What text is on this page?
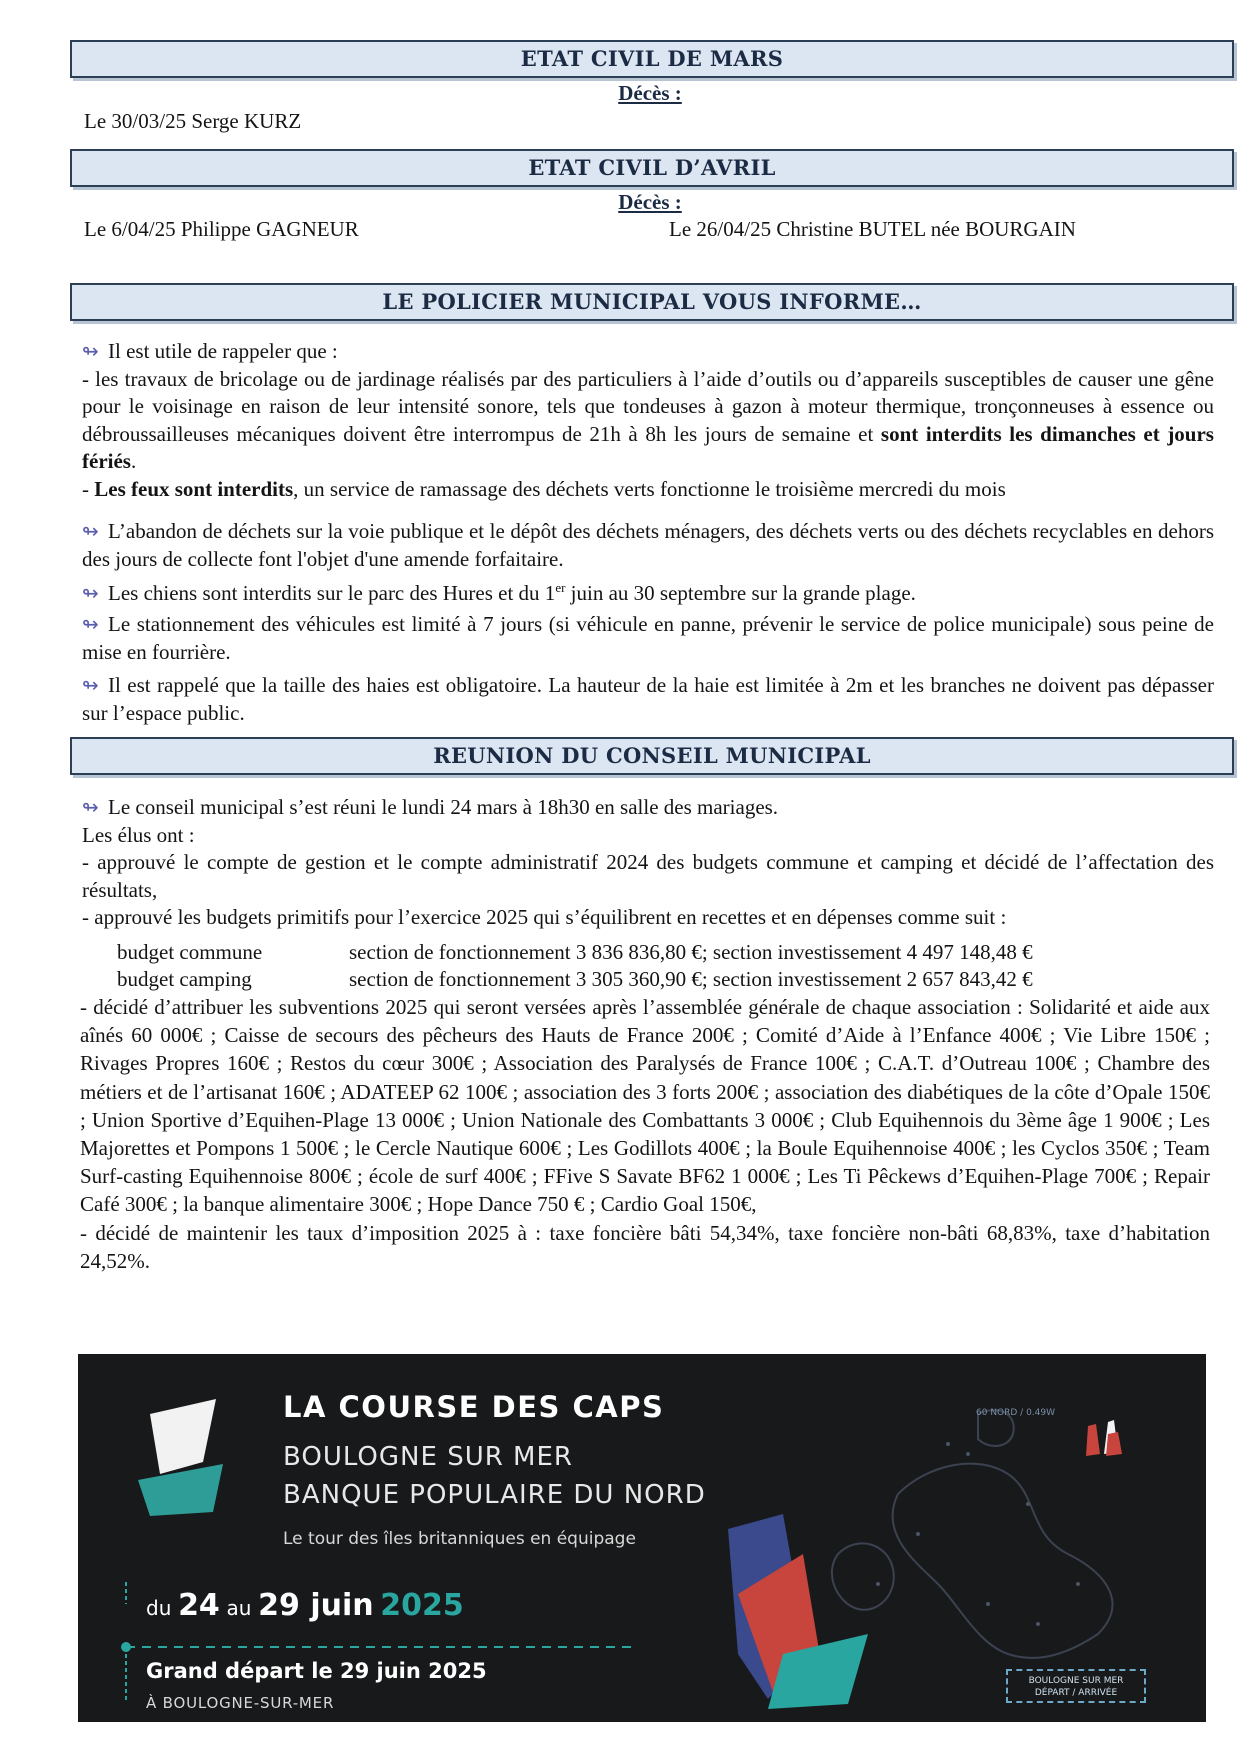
ETAT CIVIL DE MARS
Décès :
Le 30/03/25 Serge KURZ
ETAT CIVIL D’AVRIL
Décès :
Le 6/04/25 Philippe GAGNEUR	Le 26/04/25 Christine BUTEL née BOURGAIN
LE POLICIER MUNICIPAL VOUS INFORME…
↬ Il est utile de rappeler que :
- les travaux de bricolage ou de jardinage réalisés par des particuliers à l’aide d’outils ou d’appareils susceptibles de causer une gêne pour le voisinage en raison de leur intensité sonore, tels que tondeuses à gazon à moteur thermique, tronçonneuses à essence ou débroussailleuses mécaniques doivent être interrompus de 21h à 8h les jours de semaine et sont interdits les dimanches et jours fériés.
- Les feux sont interdits, un service de ramassage des déchets verts fonctionne le troisième mercredi du mois
↬ L’abandon de déchets sur la voie publique et le dépôt des déchets ménagers, des déchets verts ou des déchets recyclables en dehors des jours de collecte font l'objet d'une amende forfaitaire.
↬ Les chiens sont interdits sur le parc des Hures et du 1er juin au 30 septembre sur la grande plage.
↬ Le stationnement des véhicules est limité à 7 jours (si véhicule en panne, prévenir le service de police municipale) sous peine de mise en fourrière.
↬ Il est rappelé que la taille des haies est obligatoire. La hauteur de la haie est limitée à 2m et les branches ne doivent pas dépasser sur l’espace public.
REUNION DU CONSEIL MUNICIPAL
↬ Le conseil municipal s’est réuni le lundi 24 mars à 18h30 en salle des mariages.
Les élus ont :
- approuvé le compte de gestion et le compte administratif 2024 des budgets commune et camping et décidé de l’affectation des résultats,
- approuvé les budgets primitifs pour l’exercice 2025 qui s’équilibrent en recettes et en dépenses comme suit :
budget commune	section de fonctionnement 3 836 836,80 €; section investissement 4 497 148,48 €
budget camping	section de fonctionnement 3 305 360,90 €; section investissement 2 657 843,42 €
- décidé d’attribuer les subventions 2025 qui seront versées après l’assemblée générale de chaque association : Solidarité et aide aux aînés 60 000€ ; Caisse de secours des pêcheurs des Hauts de France 200€ ; Comité d’Aide à l’Enfance 400€ ; Vie Libre 150€ ; Rivages Propres 160€ ; Restos du cœur 300€ ; Association des Paralysés de France 100€ ; C.A.T. d’Outreau 100€ ; Chambre des métiers et de l’artisanat 160€ ; ADATEEP 62 100€ ; association des 3 forts 200€ ; association des diabétiques de la côte d’Opale 150€ ; Union Sportive d’Equihen-Plage 13 000€ ; Union Nationale des Combattants 3 000€ ; Club Equihennois du 3ème âge 1 900€ ; Les Majorettes et Pompons 1 500€ ; le Cercle Nautique 600€ ; Les Godillots 400€ ; la Boule Equihennoise 400€ ; les Cyclos 350€ ; Team Surf-casting Equihennoise 800€ ; école de surf 400€ ; FFive S Savate BF62 1 000€ ; Les Ti Pêckews d’Equihen-Plage 700€ ; Repair Café 300€ ; la banque alimentaire 300€ ; Hope Dance 750 € ; Cardio Goal 150€,
- décidé de maintenir les taux d’imposition 2025 à : taxe foncière bâti 54,34%, taxe foncière non-bâti 68,83%, taxe d’habitation 24,52%.
LA COURSE DES CAPS
BOULOGNE SUR MER
BANQUE POPULAIRE DU NORD
Le tour des îles britanniques en équipage
du 24 au 29 juin 2025
Grand départ le 29 juin 2025
À BOULOGNE-SUR-MER
60 NORD / 0.49W
BOULOGNE SUR MER
DÉPART / ARRIVÉE
